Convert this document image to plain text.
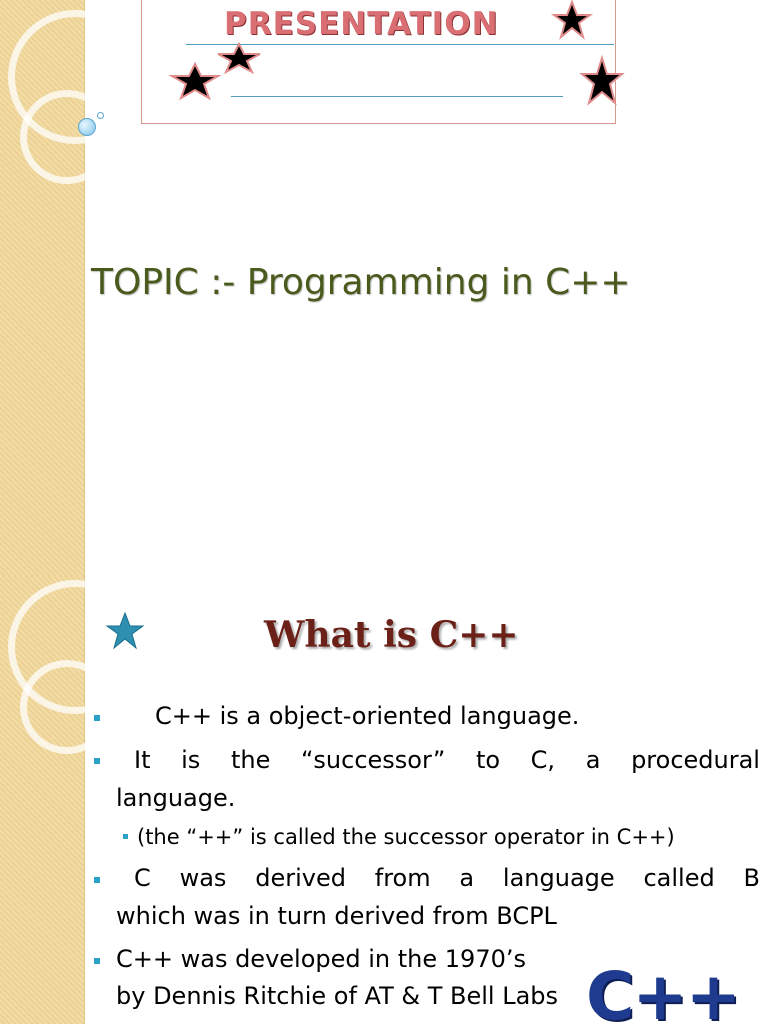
PRESENTATION
TOPIC :- Programming in C++
What is C++
C++ is a object-oriented language.
It is the “successor” to C, a procedural
language.
(the “++” is called the successor operator in C++)
C was derived from a language called B
which was in turn derived from BCPL
C++ was developed in the 1970’s
by Dennis Ritchie of AT & T Bell Labs C++
